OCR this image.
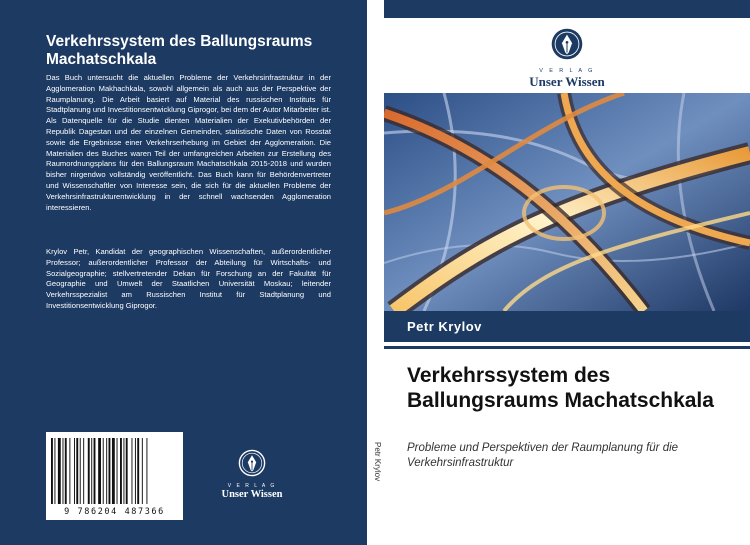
Verkehrssystem des Ballungsraums Machatschkala
Das Buch untersucht die aktuellen Probleme der Verkehrsinfrastruktur in der Agglomeration Makhachkala, sowohl allgemein als auch aus der Perspektive der Raumplanung. Die Arbeit basiert auf Material des russischen Instituts für Stadtplanung und Investitionsentwicklung Giprogor, bei dem der Autor Mitarbeiter ist. Als Datenquelle für die Studie dienten Materialien der Exekutivbehörden der Republik Dagestan und der einzelnen Gemeinden, statistische Daten von Rosstat sowie die Ergebnisse einer Verkehrserhebung im Gebiet der Agglomeration. Die Materialien des Buches waren Teil der umfangreichen Arbeiten zur Erstellung des Raumordnungsplans für den Ballungsraum Machatschkala 2015-2018 und wurden bisher nirgendwo vollständig veröffentlicht. Das Buch kann für Behördenvertreter und Wissenschaftler von Interesse sein, die sich für die aktuellen Probleme der Verkehrsinfrastrukturentwicklung in der schnell wachsenden Agglomeration interessieren.
Krylov Petr, Kandidat der geographischen Wissenschaften, außerordentlicher Professor; außerordentlicher Professor der Abteilung für Wirtschafts- und Sozialgeographie; stellvertretender Dekan für Forschung an der Fakultät für Geographie und Umwelt der Staatlichen Universität Moskau; leitender Verkehrsspezialist am Russischen Institut für Stadtplanung und Investitionsentwicklung Giprogor.
9 786204 487366
V E R L A G
Unser Wissen
Petr Krylov
V E R L A G
Unser Wissen
Petr Krylov
Verkehrssystem des Ballungsraums Machatschkala
Probleme und Perspektiven der Raumplanung für die Verkehrsinfrastruktur
